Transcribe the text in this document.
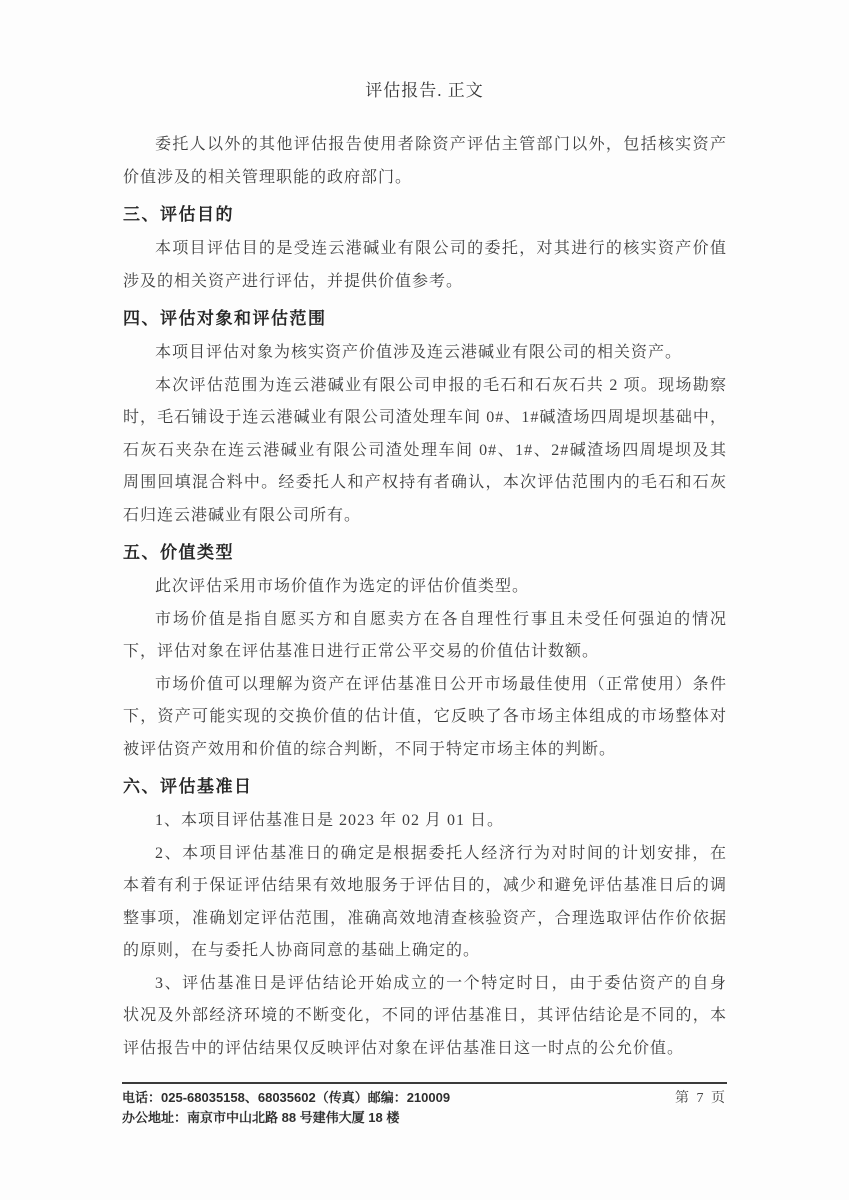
评估报告. 正文
委托人以外的其他评估报告使用者除资产评估主管部门以外，包括核实资产
价值涉及的相关管理职能的政府部门。
三、评估目的
本项目评估目的是受连云港碱业有限公司的委托，对其进行的核实资产价值
涉及的相关资产进行评估，并提供价值参考。
四、评估对象和评估范围
本项目评估对象为核实资产价值涉及连云港碱业有限公司的相关资产。
本次评估范围为连云港碱业有限公司申报的毛石和石灰石共 2 项。现场勘察
时，毛石铺设于连云港碱业有限公司渣处理车间 0#、1#碱渣场四周堤坝基础中，
石灰石夹杂在连云港碱业有限公司渣处理车间 0#、1#、2#碱渣场四周堤坝及其
周围回填混合料中。经委托人和产权持有者确认，本次评估范围内的毛石和石灰
石归连云港碱业有限公司所有。
五、价值类型
此次评估采用市场价值作为选定的评估价值类型。
市场价值是指自愿买方和自愿卖方在各自理性行事且未受任何强迫的情况
下，评估对象在评估基准日进行正常公平交易的价值估计数额。
市场价值可以理解为资产在评估基准日公开市场最佳使用（正常使用）条件
下，资产可能实现的交换价值的估计值，它反映了各市场主体组成的市场整体对
被评估资产效用和价值的综合判断，不同于特定市场主体的判断。
六、评估基准日
1、本项目评估基准日是 2023 年 02 月 01 日。
2、本项目评估基准日的确定是根据委托人经济行为对时间的计划安排，在
本着有利于保证评估结果有效地服务于评估目的，减少和避免评估基准日后的调
整事项，准确划定评估范围，准确高效地清查核验资产，合理选取评估作价依据
的原则，在与委托人协商同意的基础上确定的。
3、评估基准日是评估结论开始成立的一个特定时日，由于委估资产的自身
状况及外部经济环境的不断变化，不同的评估基准日，其评估结论是不同的，本
评估报告中的评估结果仅反映评估对象在评估基准日这一时点的公允价值。
电话：025-68035158、68035602（传真）邮编：210009
办公地址：南京市中山北路 88 号建伟大厦 18 楼
第 7 页
